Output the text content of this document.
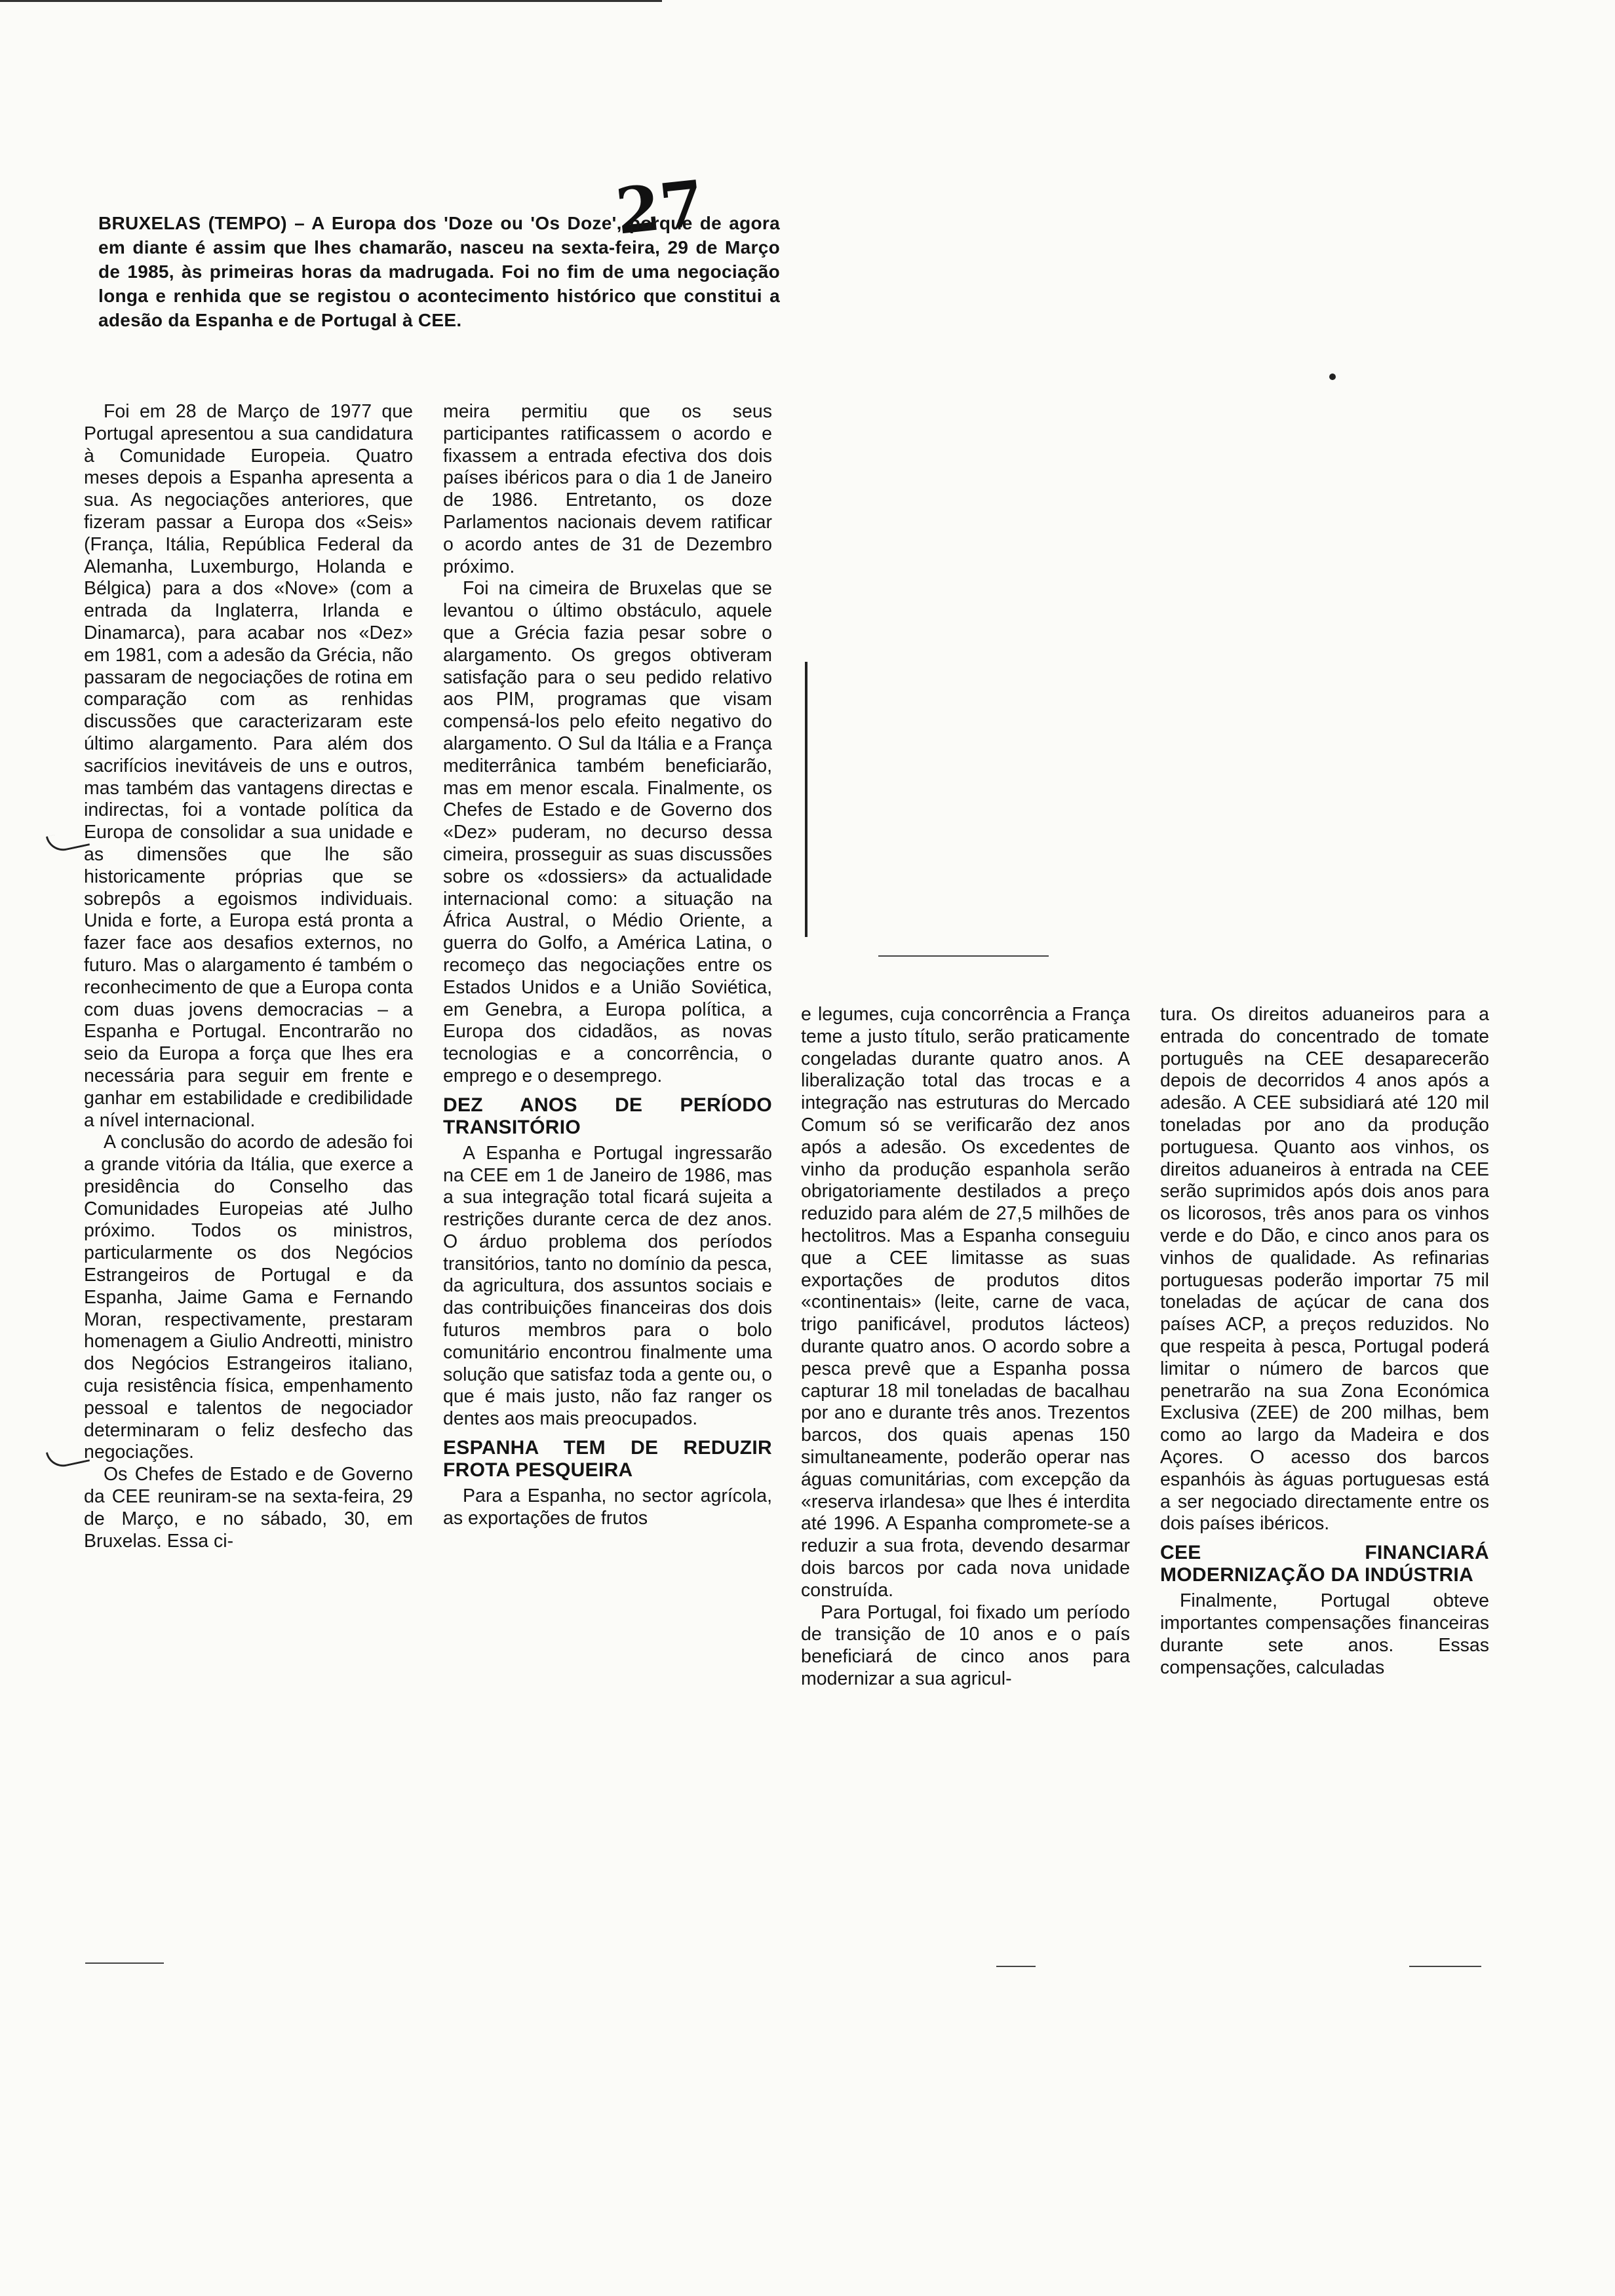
27
BRUXELAS (TEMPO) – A Europa dos 'Doze ou 'Os Doze', porque de agora em diante é assim que lhes chamarão, nasceu na sexta-feira, 29 de Março de 1985, às primeiras horas da madrugada. Foi no fim de uma negociação longa e renhida que se registou o acontecimento histórico que constitui a adesão da Espanha e de Portugal à CEE.

Foi em 28 de Março de 1977 que Portugal apresentou a sua candidatura à Comunidade Europeia. Quatro meses depois a Espanha apresenta a sua. As negociações anteriores, que fizeram passar a Europa dos «Seis» (França, Itália, República Federal da Alemanha, Luxemburgo, Holanda e Bélgica) para a dos «Nove» (com a entrada da Inglaterra, Irlanda e Dinamarca), para acabar nos «Dez» em 1981, com a adesão da Grécia, não passaram de negociações de rotina em comparação com as renhidas discussões que caracterizaram este último alargamento. Para além dos sacrifícios inevitáveis de uns e outros, mas também das vantagens directas e indirectas, foi a vontade política da Europa de consolidar a sua unidade e as dimensões que lhe são historicamente próprias que se sobrepôs a egoismos individuais. Unida e forte, a Europa está pronta a fazer face aos desafios externos, no futuro. Mas o alargamento é também o reconhecimento de que a Europa conta com duas jovens democracias – a Espanha e Portugal. Encontrarão no seio da Europa a força que lhes era necessária para seguir em frente e ganhar em estabilidade e credibilidade a nível internacional.

A conclusão do acordo de adesão foi a grande vitória da Itália, que exerce a presidência do Conselho das Comunidades Europeias até Julho próximo. Todos os ministros, particularmente os dos Negócios Estrangeiros de Portugal e da Espanha, Jaime Gama e Fernando Moran, respectivamente, prestaram homenagem a Giulio Andreotti, ministro dos Negócios Estrangeiros italiano, cuja resistência física, empenhamento pessoal e talentos de negociador determinaram o feliz desfecho das negociações.

Os Chefes de Estado e de Governo da CEE reuniram-se na sexta-feira, 29 de Março, e no sábado, 30, em Bruxelas. Essa ci-

meira permitiu que os seus participantes ratificassem o acordo e fixassem a entrada efectiva dos dois países ibéricos para o dia 1 de Janeiro de 1986. Entretanto, os doze Parlamentos nacionais devem ratificar o acordo antes de 31 de Dezembro próximo.

Foi na cimeira de Bruxelas que se levantou o último obstáculo, aquele que a Grécia fazia pesar sobre o alargamento. Os gregos obtiveram satisfação para o seu pedido relativo aos PIM, programas que visam compensá-los pelo efeito negativo do alargamento. O Sul da Itália e a França mediterrânica também beneficiarão, mas em menor escala. Finalmente, os Chefes de Estado e de Governo dos «Dez» puderam, no decurso dessa cimeira, prosseguir as suas discussões sobre os «dossiers» da actualidade internacional como: a situação na África Austral, o Médio Oriente, a guerra do Golfo, a América Latina, o recomeço das negociações entre os Estados Unidos e a União Soviética, em Genebra, a Europa política, a Europa dos cidadãos, as novas tecnologias e a concorrência, o emprego e o desemprego.

DEZ ANOS DE PERÍODO TRANSITÓRIO

A Espanha e Portugal ingressarão na CEE em 1 de Janeiro de 1986, mas a sua integração total ficará sujeita a restrições durante cerca de dez anos. O árduo problema dos períodos transitórios, tanto no domínio da pesca, da agricultura, dos assuntos sociais e das contribuições financeiras dos dois futuros membros para o bolo comunitário encontrou finalmente uma solução que satisfaz toda a gente ou, o que é mais justo, não faz ranger os dentes aos mais preocupados.

ESPANHA TEM DE REDUZIR FROTA PESQUEIRA

Para a Espanha, no sector agrícola, as exportações de frutos

e legumes, cuja concorrência a França teme a justo título, serão praticamente congeladas durante quatro anos. A liberalização total das trocas e a integração nas estruturas do Mercado Comum só se verificarão dez anos após a adesão. Os excedentes de vinho da produção espanhola serão obrigatoriamente destilados a preço reduzido para além de 27,5 milhões de hectolitros. Mas a Espanha conseguiu que a CEE limitasse as suas exportações de produtos ditos «continentais» (leite, carne de vaca, trigo panificável, produtos lácteos) durante quatro anos. O acordo sobre a pesca prevê que a Espanha possa capturar 18 mil toneladas de bacalhau por ano e durante três anos. Trezentos barcos, dos quais apenas 150 simultaneamente, poderão operar nas águas comunitárias, com excepção da «reserva irlandesa» que lhes é interdita até 1996. A Espanha compromete-se a reduzir a sua frota, devendo desarmar dois barcos por cada nova unidade construída.

Para Portugal, foi fixado um período de transição de 10 anos e o país beneficiará de cinco anos para modernizar a sua agricul-

tura. Os direitos aduaneiros para a entrada do concentrado de tomate português na CEE desaparecerão depois de decorridos 4 anos após a adesão. A CEE subsidiará até 120 mil toneladas por ano da produção portuguesa. Quanto aos vinhos, os direitos aduaneiros à entrada na CEE serão suprimidos após dois anos para os licorosos, três anos para os vinhos verde e do Dão, e cinco anos para os vinhos de qualidade. As refinarias portuguesas poderão importar 75 mil toneladas de açúcar de cana dos países ACP, a preços reduzidos. No que respeita à pesca, Portugal poderá limitar o número de barcos que penetrarão na sua Zona Económica Exclusiva (ZEE) de 200 milhas, bem como ao largo da Madeira e dos Açores. O acesso dos barcos espanhóis às águas portuguesas está a ser negociado directamente entre os dois países ibéricos.

CEE FINANCIARÁ MODERNIZAÇÃO DA INDÚSTRIA

Finalmente, Portugal obteve importantes compensações financeiras durante sete anos. Essas compensações, calculadas
